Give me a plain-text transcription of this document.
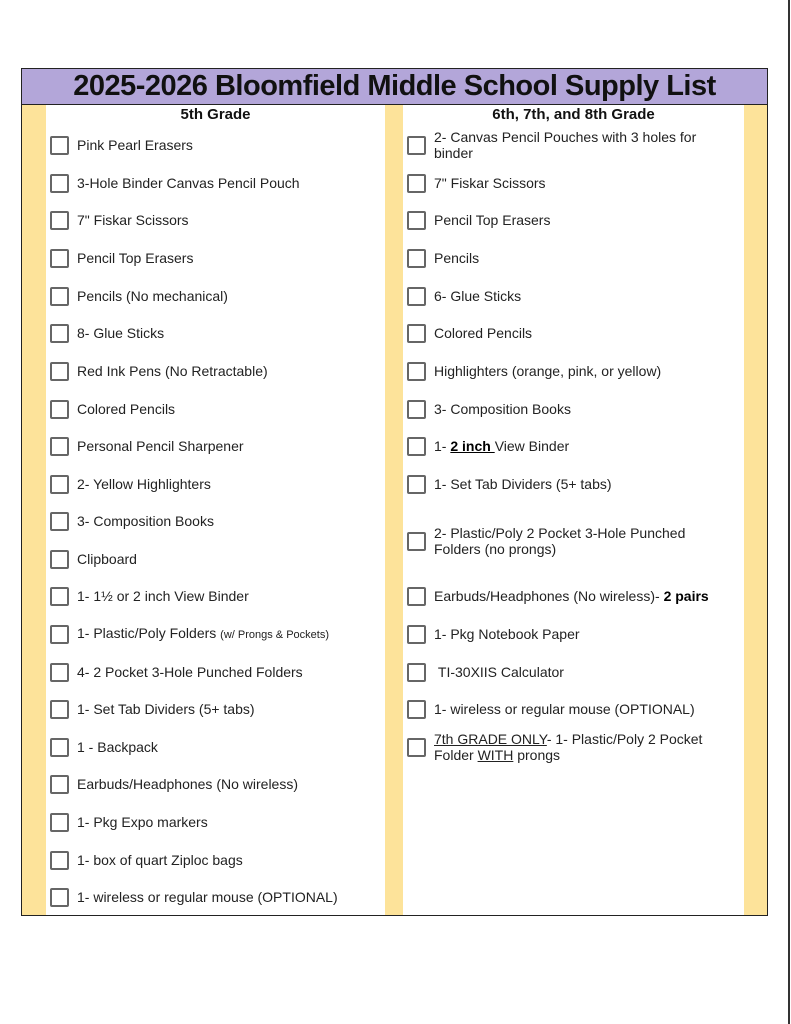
2025-2026 Bloomfield Middle School Supply List
5th Grade
Pink Pearl Erasers
3-Hole Binder Canvas Pencil Pouch
7" Fiskar Scissors
Pencil Top Erasers
Pencils (No mechanical)
8- Glue Sticks
Red Ink Pens (No Retractable)
Colored Pencils
Personal Pencil Sharpener
2- Yellow Highlighters
3- Composition Books
Clipboard
1- 1½ or 2 inch View Binder
1- Plastic/Poly Folders (w/ Prongs & Pockets)
4- 2 Pocket 3-Hole Punched Folders
1- Set Tab Dividers (5+ tabs)
1 - Backpack
Earbuds/Headphones (No wireless)
1- Pkg Expo markers
1- box of quart Ziploc bags
1- wireless or regular mouse (OPTIONAL)
6th, 7th, and 8th Grade
2- Canvas Pencil Pouches with 3 holes for binder
7" Fiskar Scissors
Pencil Top Erasers
Pencils
6- Glue Sticks
Colored Pencils
Highlighters (orange, pink, or yellow)
3- Composition Books
1- 2 inch View Binder
1- Set Tab Dividers (5+ tabs)
2- Plastic/Poly 2 Pocket 3-Hole Punched Folders (no prongs)
Earbuds/Headphones (No wireless)- 2 pairs
1- Pkg Notebook Paper
TI-30XIIS Calculator
1- wireless or regular mouse (OPTIONAL)
7th GRADE ONLY- 1- Plastic/Poly 2 Pocket Folder WITH prongs
